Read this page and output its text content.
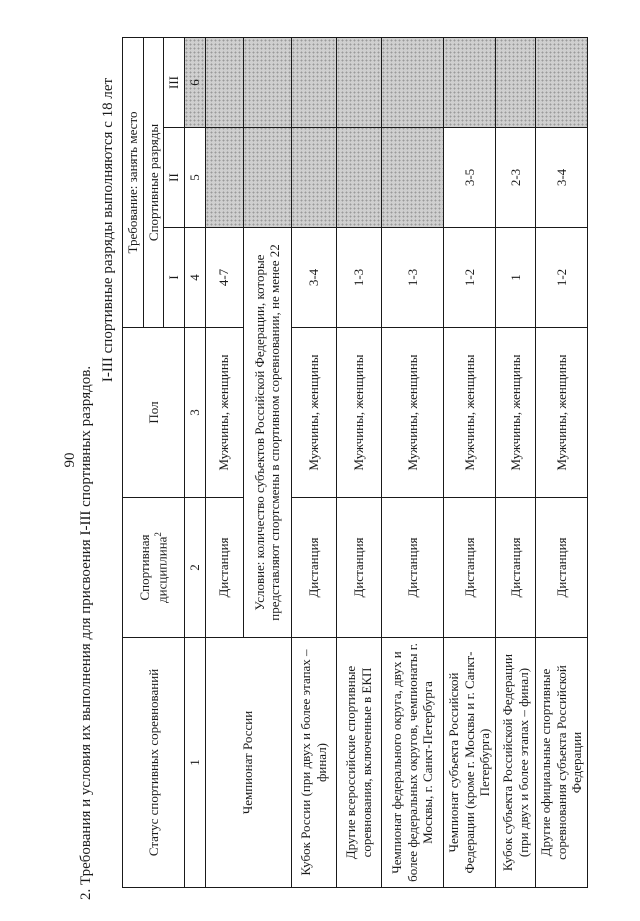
90 2. Требования и условия их выполнения для присвоения I-III спортивных разрядов.
I-III спортивные разряды выполняются с 18 лет
Статус спортивных соревнований	Спортивная дисциплина$^2$	Пол	Требование: занять место		
			Спортивные разряды		
			I	II	III
1	2	3	4	5	6
Чемпионат России	Дистанция	Мужчины, женщины	4-7		
	Условие: количество субъектов Российской Федерации, которые представляют спортсмены в спортивном соревновании, не менее 22				
Кубок России (при двух и более этапах – финал)	Дистанция	Мужчины, женщины	3-4		
Другие всероссийские спортивные соревнования, включенные в ЕКП	Дистанция	Мужчины, женщины	1-3		
Чемпионат федерального округа, двух и более федеральных округов, чемпионаты г. Москвы, г. Санкт-Петербурга	Дистанция	Мужчины, женщины	1-3		
Чемпионат субъекта Российской Федерации (кроме г. Москвы и г. Санкт-Петербурга)	Дистанция	Мужчины, женщины	1-2	3-5	
Кубок субъекта Российской Федерации (при двух и более этапах – финал)	Дистанция	Мужчины, женщины	1	2-3	
Другие официальные спортивные соревнования субъекта Российской Федерации	Дистанция	Мужчины, женщины	1-2	3-4	
